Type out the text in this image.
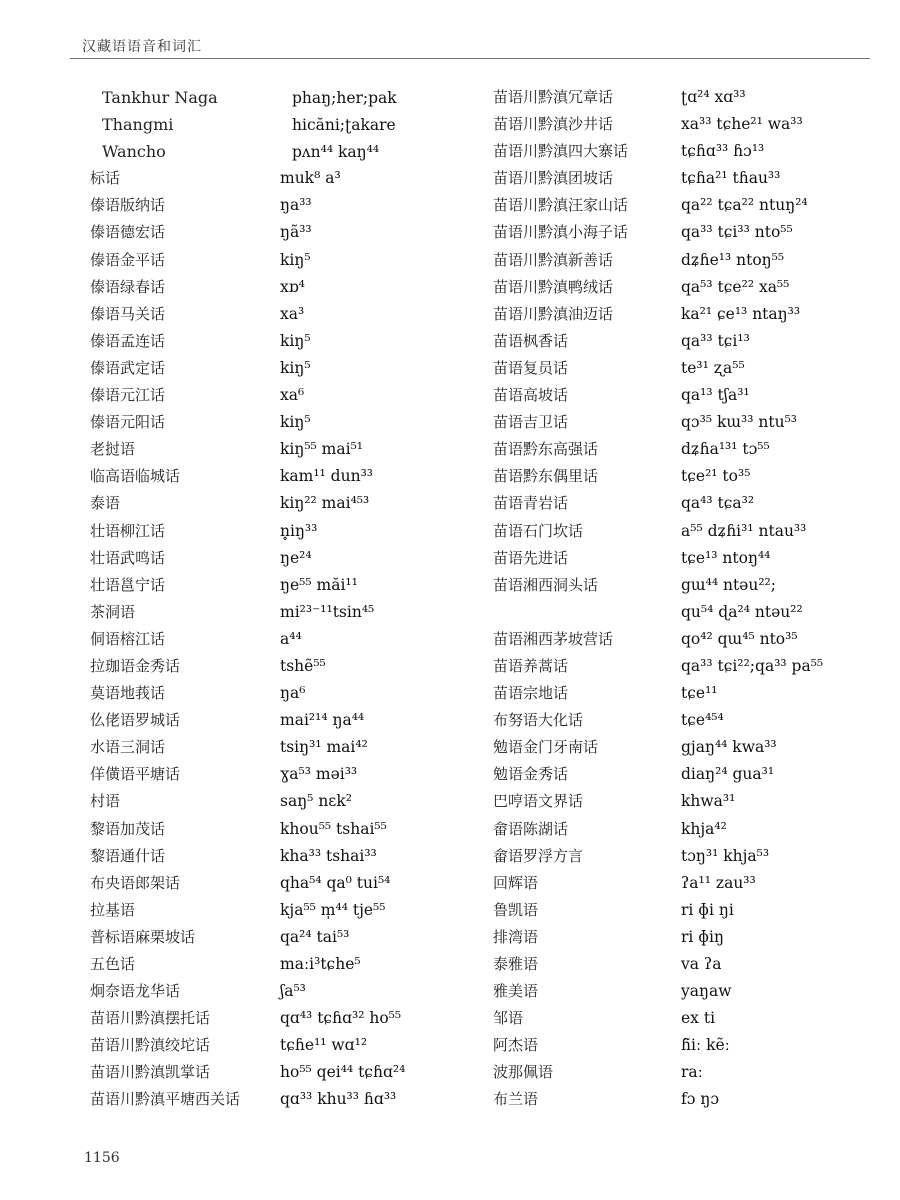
汉藏语语音和词汇
Tankhur Naga	phaŋ;her;pak
Thangmi	hicăni;ʈakare
Wancho	pʌn⁴⁴ kaŋ⁴⁴
标话	muk⁸ a³
傣语版纳话	ŋa³³
傣语德宏话	ŋã³³
傣语金平话	kiŋ⁵
傣语绿春话	xɒ⁴
傣语马关话	xa³
傣语孟连话	kiŋ⁵
傣语武定话	kiŋ⁵
傣语元江话	xa⁶
傣语元阳话	kiŋ⁵
老挝语	kiŋ⁵⁵ mai⁵¹
临高语临城话	kam¹¹ dun³³
泰语	kiŋ²² mai⁴⁵³
壮语柳江话	n̥iŋ³³
壮语武鸣话	ŋe²⁴
壮语邕宁话	ŋe⁵⁵ măi¹¹
茶洞语	mi²³⁻¹¹tsin⁴⁵
侗语榕江话	a⁴⁴
拉珈语金秀话	tshẽ⁵⁵
莫语地莪话	ŋa⁶
仫佬语罗城话	mai²¹⁴ ŋa⁴⁴
水语三洞话	tsiŋ³¹ mai⁴²
佯僙语平塘话	ɣa⁵³ məi³³
村语	saŋ⁵ nɛk²
黎语加茂话	khou⁵⁵ tshai⁵⁵
黎语通什话	kha³³ tshai³³
布央语郎架话	qha⁵⁴ qa⁰ tui⁵⁴
拉基语	kja⁵⁵ m̩⁴⁴ tje⁵⁵
普标语麻栗坡话	qa²⁴ tai⁵³
五色话	maːi³tɕhe⁵
炯奈语龙华话	ʃa⁵³
苗语川黔滇摆托话	qɑ⁴³ tɕɦɑ³² ho⁵⁵
苗语川黔滇绞坨话	tɕɦe¹¹ wɑ¹²
苗语川黔滇凯掌话	ho⁵⁵ qei⁴⁴ tɕɦɑ²⁴
苗语川黔滇平塘西关话	qɑ³³ khu³³ ɦɑ³³
苗语川黔滇冗章话	ʈɑ²⁴ xɑ³³
苗语川黔滇沙井话	xa³³ tɕhe²¹ wa³³
苗语川黔滇四大寨话	tɕɦɑ³³ ɦɔ¹³
苗语川黔滇团坡话	tɕɦa²¹ tɦau³³
苗语川黔滇汪家山话	qa²² tɕa²² ntuŋ²⁴
苗语川黔滇小海子话	qa³³ tɕi³³ nto⁵⁵
苗语川黔滇新善话	dʑɦe¹³ ntoŋ⁵⁵
苗语川黔滇鸭绒话	qa⁵³ tɕe²² xa⁵⁵
苗语川黔滇油迈话	ka²¹ ɕe¹³ ntaŋ³³
苗语枫香话	qa³³ tɕi¹³
苗语复员话	te³¹ ʐa⁵⁵
苗语高坡话	qa¹³ tʃa³¹
苗语吉卫话	qɔ³⁵ kɯ³³ ntu⁵³
苗语黔东高强话	dʑɦa¹³¹ tɔ⁵⁵
苗语黔东偶里话	tɕe²¹ to³⁵
苗语青岩话	qa⁴³ tɕa³²
苗语石门坎话	a⁵⁵ dʑɦi³¹ ntau³³
苗语先进话	tɕe¹³ ntoŋ⁴⁴
苗语湘西洞头话	gɯ⁴⁴ ntəu²²;
qu⁵⁴ ɖa²⁴ ntəu²²
苗语湘西茅坡营话	qo⁴² qɯ⁴⁵ nto³⁵
苗语养蒿话	qa³³ tɕi²²;qa³³ pa⁵⁵
苗语宗地话	tɕe¹¹
布努语大化话	tɕe⁴⁵⁴
勉语金门牙南话	gjaŋ⁴⁴ kwa³³
勉语金秀话	diaŋ²⁴ gua³¹
巴哼语文界话	khwa³¹
畲语陈湖话	khja⁴²
畲语罗浮方言	tɔŋ³¹ khja⁵³
回辉语	ʔa¹¹ zau³³
鲁凯语	ri ɸi ŋi
排湾语	ri ɸiŋ
泰雅语	va ʔa
雅美语	yaŋaw
邹语	ex ti
阿杰语	ɦ̃iː kẽː
波那佩语	raː
布兰语	fɔ ŋɔ
1156
